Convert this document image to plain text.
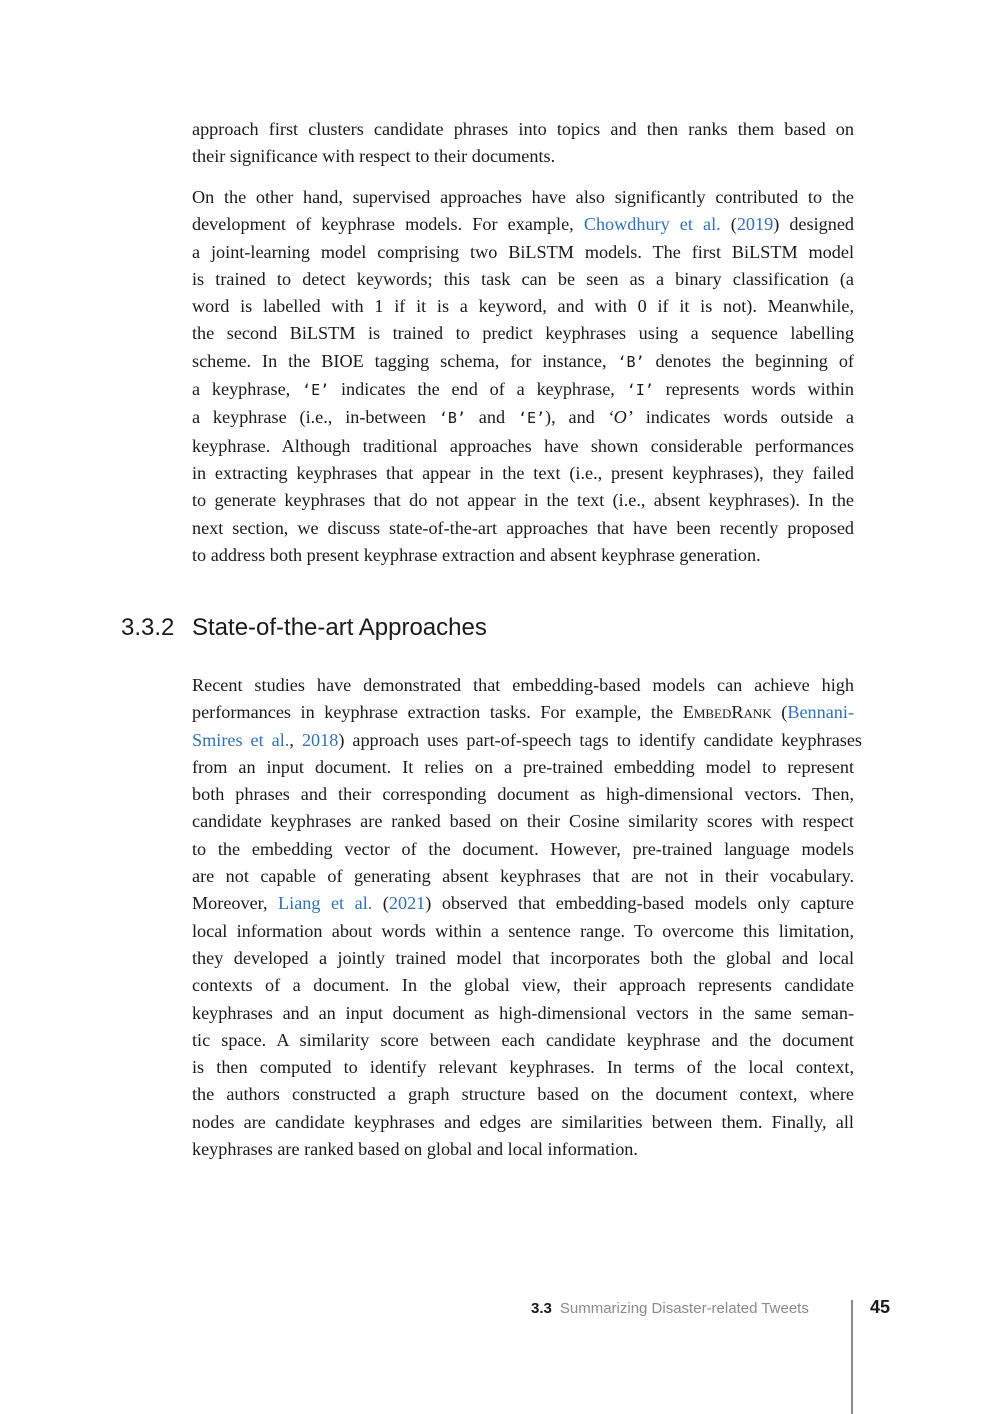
approach first clusters candidate phrases into topics and then ranks them based on
their significance with respect to their documents.

On the other hand, supervised approaches have also significantly contributed to the
development of keyphrase models. For example, Chowdhury et al. (2019) designed
a joint-learning model comprising two BiLSTM models. The first BiLSTM model
is trained to detect keywords; this task can be seen as a binary classification (a
word is labelled with 1 if it is a keyword, and with 0 if it is not). Meanwhile,
the second BiLSTM is trained to predict keyphrases using a sequence labelling
scheme. In the BIOE tagging schema, for instance, ‘B’ denotes the beginning of
a keyphrase, ‘E’ indicates the end of a keyphrase, ‘I’ represents words within
a keyphrase (i.e., in-between ‘B’ and ‘E’), and ‘O’ indicates words outside a
keyphrase. Although traditional approaches have shown considerable performances
in extracting keyphrases that appear in the text (i.e., present keyphrases), they failed
to generate keyphrases that do not appear in the text (i.e., absent keyphrases). In the
next section, we discuss state-of-the-art approaches that have been recently proposed
to address both present keyphrase extraction and absent keyphrase generation.

3.3.2 State-of-the-art Approaches

Recent studies have demonstrated that embedding-based models can achieve high
performances in keyphrase extraction tasks. For example, the EmbedRank (Bennani-
Smires et al., 2018) approach uses part-of-speech tags to identify candidate keyphrases
from an input document. It relies on a pre-trained embedding model to represent
both phrases and their corresponding document as high-dimensional vectors. Then,
candidate keyphrases are ranked based on their Cosine similarity scores with respect
to the embedding vector of the document. However, pre-trained language models
are not capable of generating absent keyphrases that are not in their vocabulary.
Moreover, Liang et al. (2021) observed that embedding-based models only capture
local information about words within a sentence range. To overcome this limitation,
they developed a jointly trained model that incorporates both the global and local
contexts of a document. In the global view, their approach represents candidate
keyphrases and an input document as high-dimensional vectors in the same seman-
tic space. A similarity score between each candidate keyphrase and the document
is then computed to identify relevant keyphrases. In terms of the local context,
the authors constructed a graph structure based on the document context, where
nodes are candidate keyphrases and edges are similarities between them. Finally, all
keyphrases are ranked based on global and local information.

3.3 Summarizing Disaster-related Tweets	45
